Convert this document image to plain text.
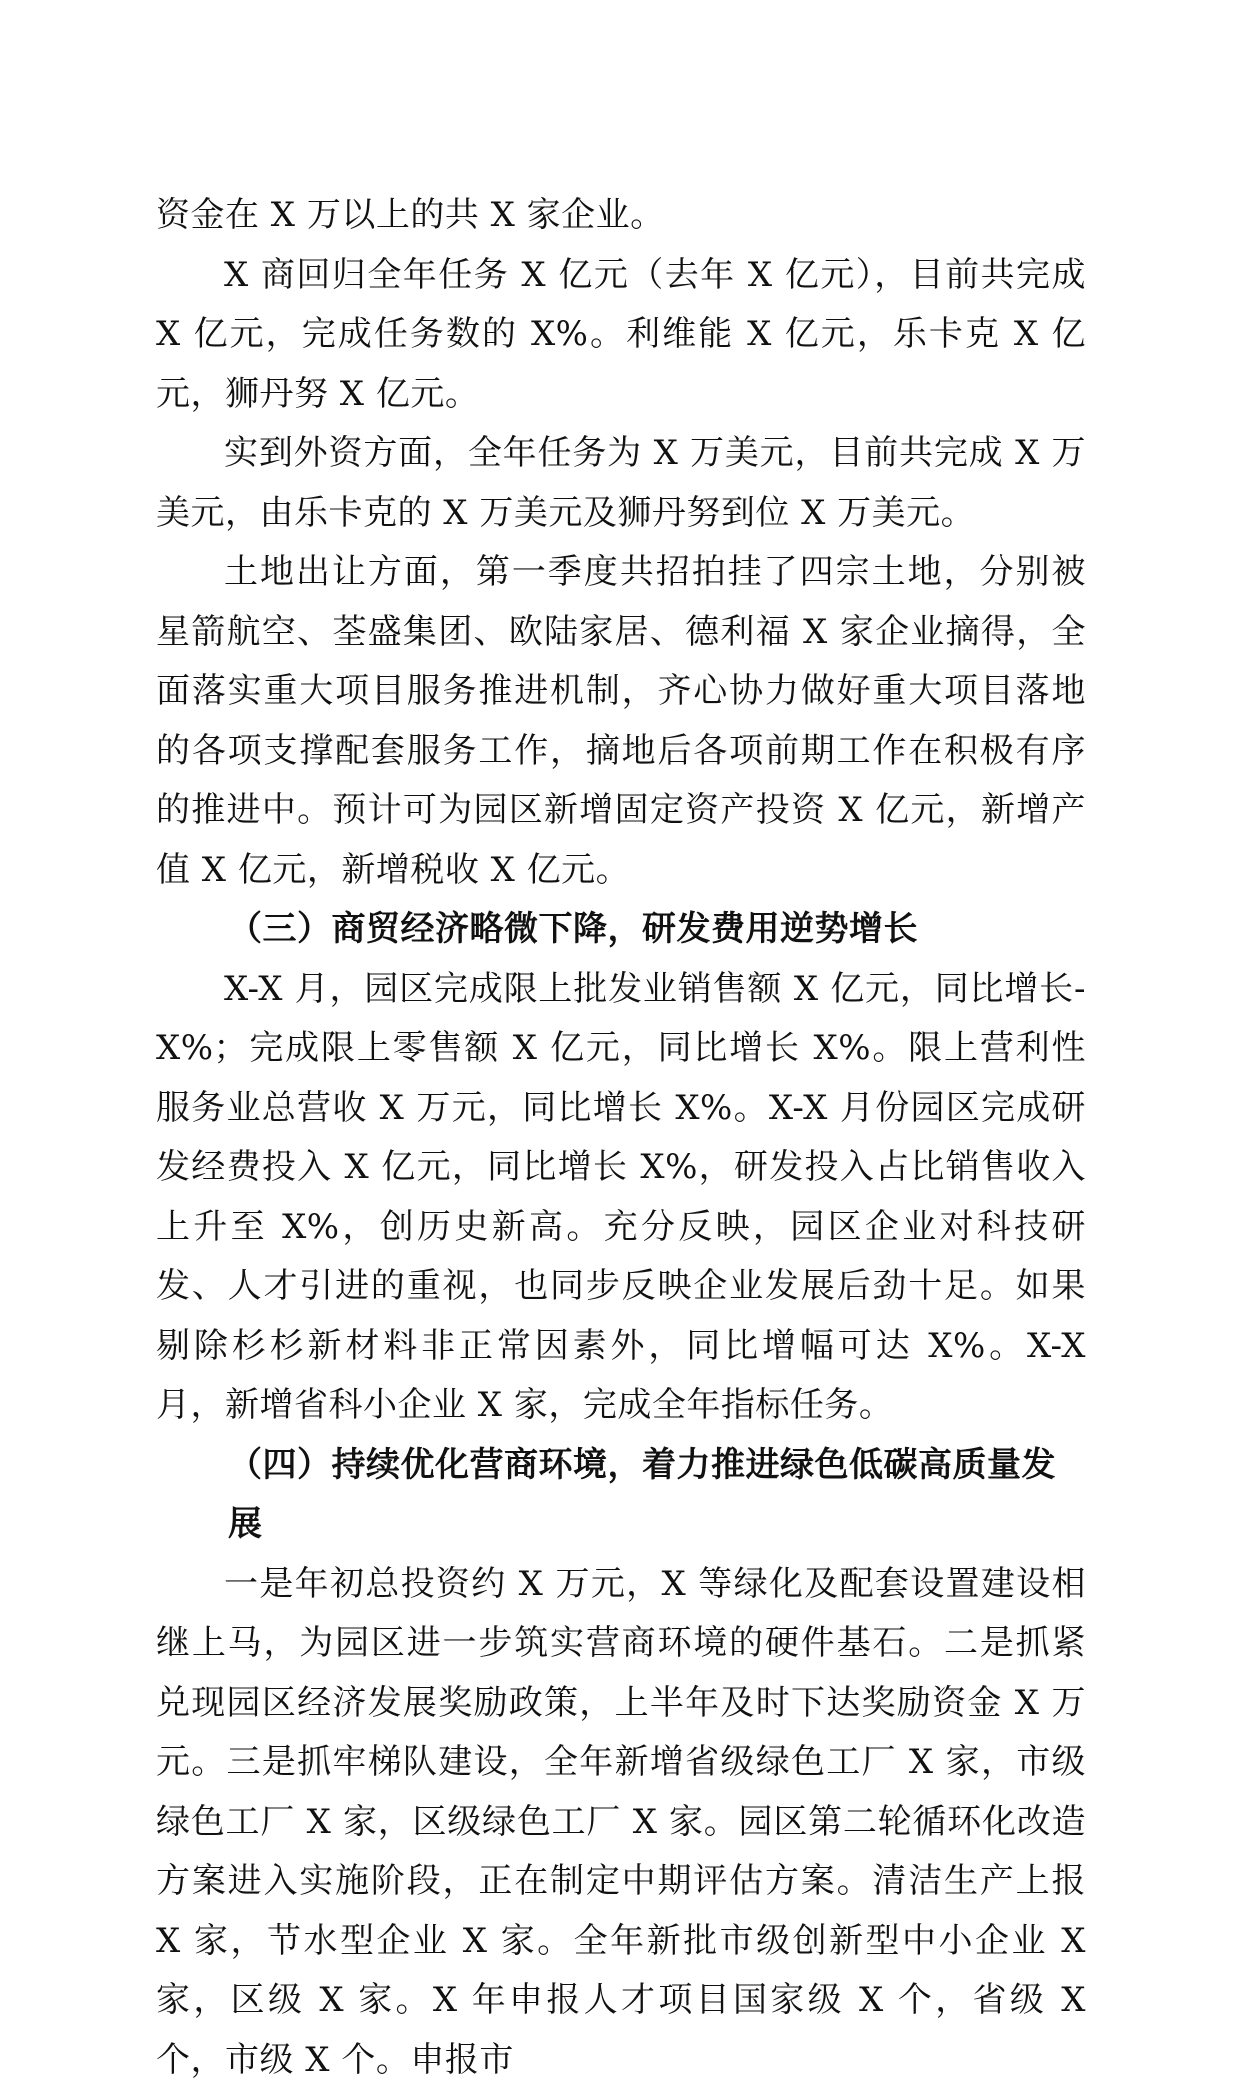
资金在 X 万以上的共 X 家企业。

X 商回归全年任务 X 亿元（去年 X 亿元），目前共完成 X 亿元，完成任务数的 X%。利维能 X 亿元，乐卡克 X 亿元，狮丹努 X 亿元。

实到外资方面，全年任务为 X 万美元，目前共完成 X 万美元，由乐卡克的 X 万美元及狮丹努到位 X 万美元。

土地出让方面，第一季度共招拍挂了四宗土地，分别被星箭航空、荃盛集团、欧陆家居、德利福 X 家企业摘得，全面落实重大项目服务推进机制，齐心协力做好重大项目落地的各项支撑配套服务工作，摘地后各项前期工作在积极有序的推进中。预计可为园区新增固定资产投资 X 亿元，新增产值 X 亿元，新增税收 X 亿元。

（三）商贸经济略微下降，研发费用逆势增长

X-X 月，园区完成限上批发业销售额 X 亿元，同比增长-X%；完成限上零售额 X 亿元，同比增长 X%。限上营利性服务业总营收 X 万元，同比增长 X%。X-X 月份园区完成研发经费投入 X 亿元，同比增长 X%，研发投入占比销售收入上升至 X%，创历史新高。充分反映，园区企业对科技研发、人才引进的重视，也同步反映企业发展后劲十足。如果剔除杉杉新材料非正常因素外，同比增幅可达 X%。X-X 月，新增省科小企业 X 家，完成全年指标任务。

（四）持续优化营商环境，着力推进绿色低碳高质量发展

一是年初总投资约 X 万元，X 等绿化及配套设置建设相继上马，为园区进一步筑实营商环境的硬件基石。二是抓紧兑现园区经济发展奖励政策，上半年及时下达奖励资金 X 万元。三是抓牢梯队建设，全年新增省级绿色工厂 X 家，市级绿色工厂 X 家，区级绿色工厂 X 家。园区第二轮循环化改造方案进入实施阶段，正在制定中期评估方案。清洁生产上报 X 家，节水型企业 X 家。全年新批市级创新型中小企业 X 家，区级 X 家。X 年申报人才项目国家级 X 个，省级 X 个，市级 X 个。申报市
